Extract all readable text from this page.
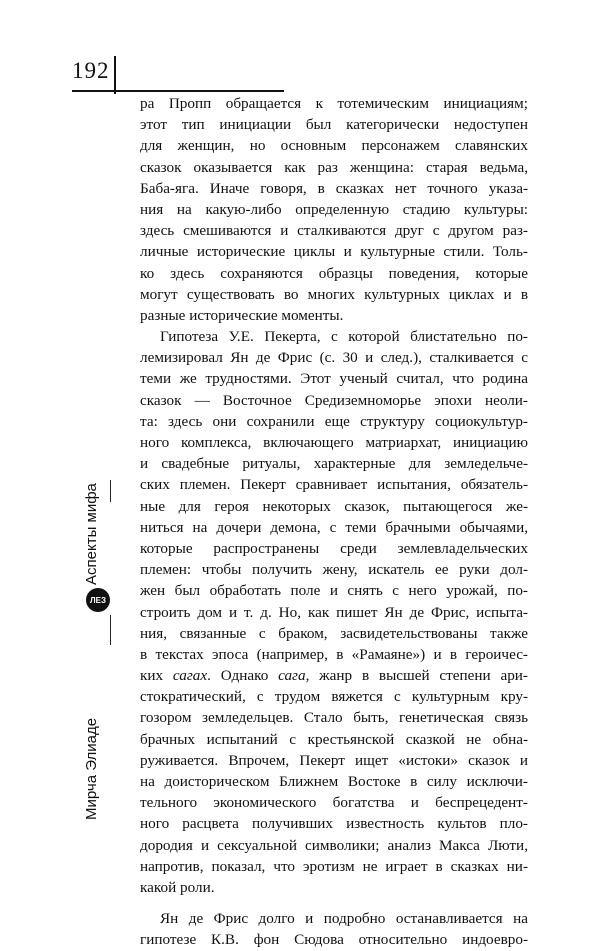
192
Аспекты мифа
ЛЕЗ
Мирча Элиаде
ра Пропп обращается к тотемическим инициациям;
этот тип инициации был категорически недоступен
для женщин, но основным персонажем славянских
сказок оказывается как раз женщина: старая ведьма,
Баба-яга. Иначе говоря, в сказках нет точного указа-
ния на какую-либо определенную стадию культуры:
здесь смешиваются и сталкиваются друг с другом раз-
личные исторические циклы и культурные стили. Толь-
ко здесь сохраняются образцы поведения, которые
могут существовать во многих культурных циклах и в
разные исторические моменты.
Гипотеза У.Е. Пекерта, с которой блистательно по-
лемизировал Ян де Фрис (с. 30 и след.), сталкивается с
теми же трудностями. Этот ученый считал, что родина
сказок — Восточное Средиземноморье эпохи неоли-
та: здесь они сохранили еще структуру социокультур-
ного комплекса, включающего матриархат, инициацию
и свадебные ритуалы, характерные для земледельче-
ских племен. Пекерт сравнивает испытания, обязатель-
ные для героя некоторых сказок, пытающегося же-
ниться на дочери демона, с теми брачными обычаями,
которые распространены среди землевладельческих
племен: чтобы получить жену, искатель ее руки дол-
жен был обработать поле и снять с него урожай, по-
строить дом и т. д. Но, как пишет Ян де Фрис, испыта-
ния, связанные с браком, засвидетельствованы также
в текстах эпоса (например, в «Рамаяне») и в героичес-
ких сагах. Однако сага, жанр в высшей степени ари-
стократический, с трудом вяжется с культурным кру-
гозором земледельцев. Стало быть, генетическая связь
брачных испытаний с крестьянской сказкой не обна-
руживается. Впрочем, Пекерт ищет «истоки» сказок и
на доисторическом Ближнем Востоке в силу исключи-
тельного экономического богатства и беспрецедент-
ного расцвета получивших известность культов пло-
дородия и сексуальной символики; анализ Макса Люти,
напротив, показал, что эротизм не играет в сказках ни-
какой роли.
Ян де Фрис долго и подробно останавливается на
гипотезе К.В. фон Сюдова относительно индоевро-
